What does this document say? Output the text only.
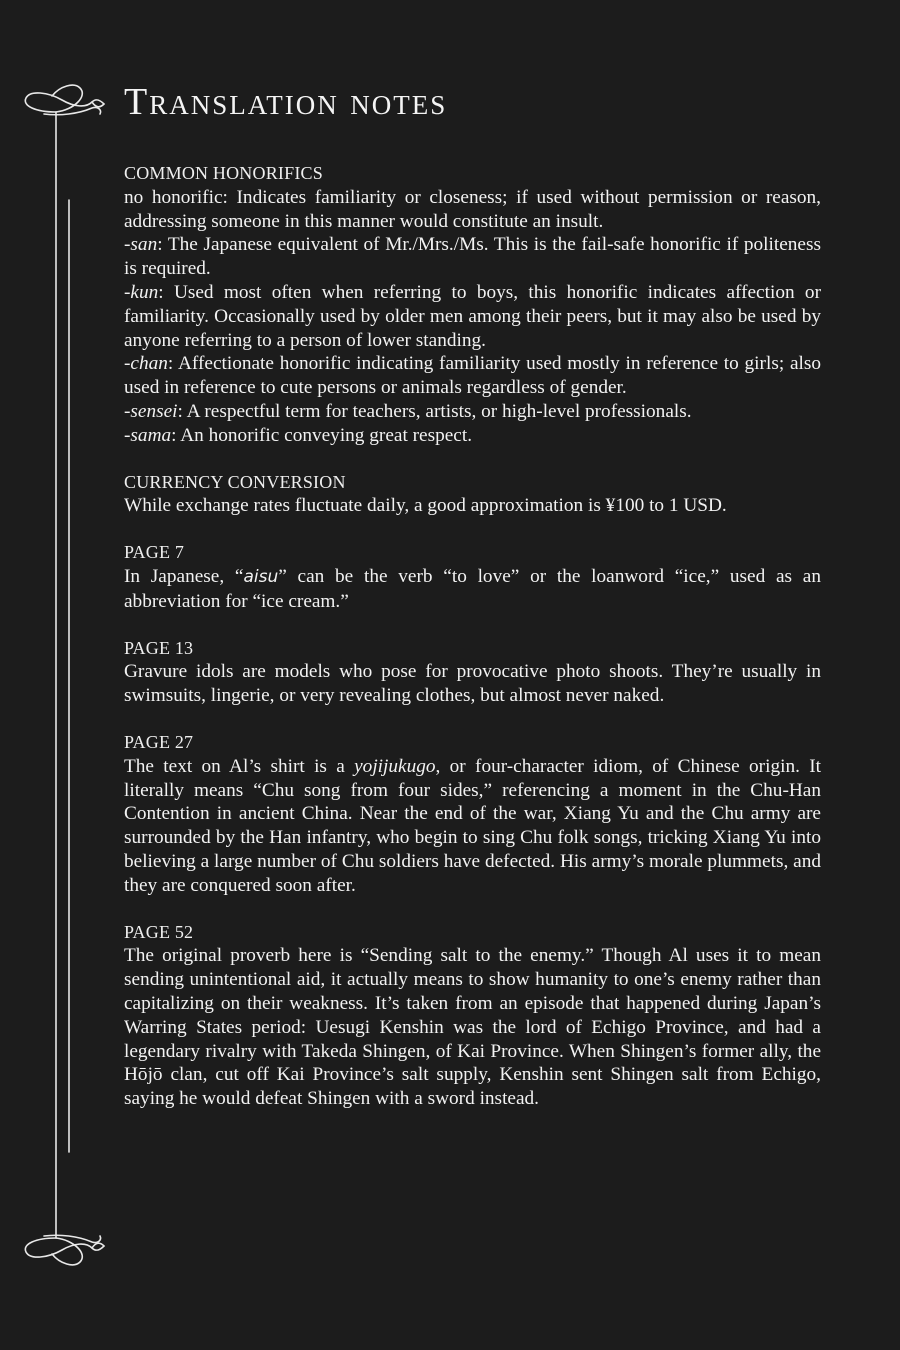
Translation notes
COMMON HONORIFICS

no honorific: Indicates familiarity or closeness; if used without permission or reason, addressing someone in this manner would constitute an insult.

-san: The Japanese equivalent of Mr./Mrs./Ms. This is the fail-safe honorific if politeness is required.

-kun: Used most often when referring to boys, this honorific indicates affection or familiarity. Occasionally used by older men among their peers, but it may also be used by anyone referring to a person of lower standing.

-chan: Affectionate honorific indicating familiarity used mostly in reference to girls; also used in reference to cute persons or animals regardless of gender.

-sensei: A respectful term for teachers, artists, or high-level professionals.

-sama: An honorific conveying great respect.

CURRENCY CONVERSION

While exchange rates fluctuate daily, a good approximation is ¥100 to 1 USD.

PAGE 7

In Japanese, “aisu” can be the verb “to love” or the loanword “ice,” used as an abbreviation for “ice cream.”

PAGE 13

Gravure idols are models who pose for provocative photo shoots. They’re usually in swimsuits, lingerie, or very revealing clothes, but almost never naked.

PAGE 27

The text on Al’s shirt is a yojijukugo, or four-character idiom, of Chinese origin. It literally means “Chu song from four sides,” referencing a moment in the Chu-Han Contention in ancient China. Near the end of the war, Xiang Yu and the Chu army are surrounded by the Han infantry, who begin to sing Chu folk songs, tricking Xiang Yu into believing a large number of Chu soldiers have defected. His army’s morale plummets, and they are conquered soon after.

PAGE 52

The original proverb here is “Sending salt to the enemy.” Though Al uses it to mean sending unintentional aid, it actually means to show humanity to one’s enemy rather than capitalizing on their weakness. It’s taken from an episode that happened during Japan’s Warring States period: Uesugi Kenshin was the lord of Echigo Province, and had a legendary rivalry with Takeda Shingen, of Kai Province. When Shingen’s former ally, the Hōjō clan, cut off Kai Province’s salt supply, Kenshin sent Shingen salt from Echigo, saying he would defeat Shingen with a sword instead.
